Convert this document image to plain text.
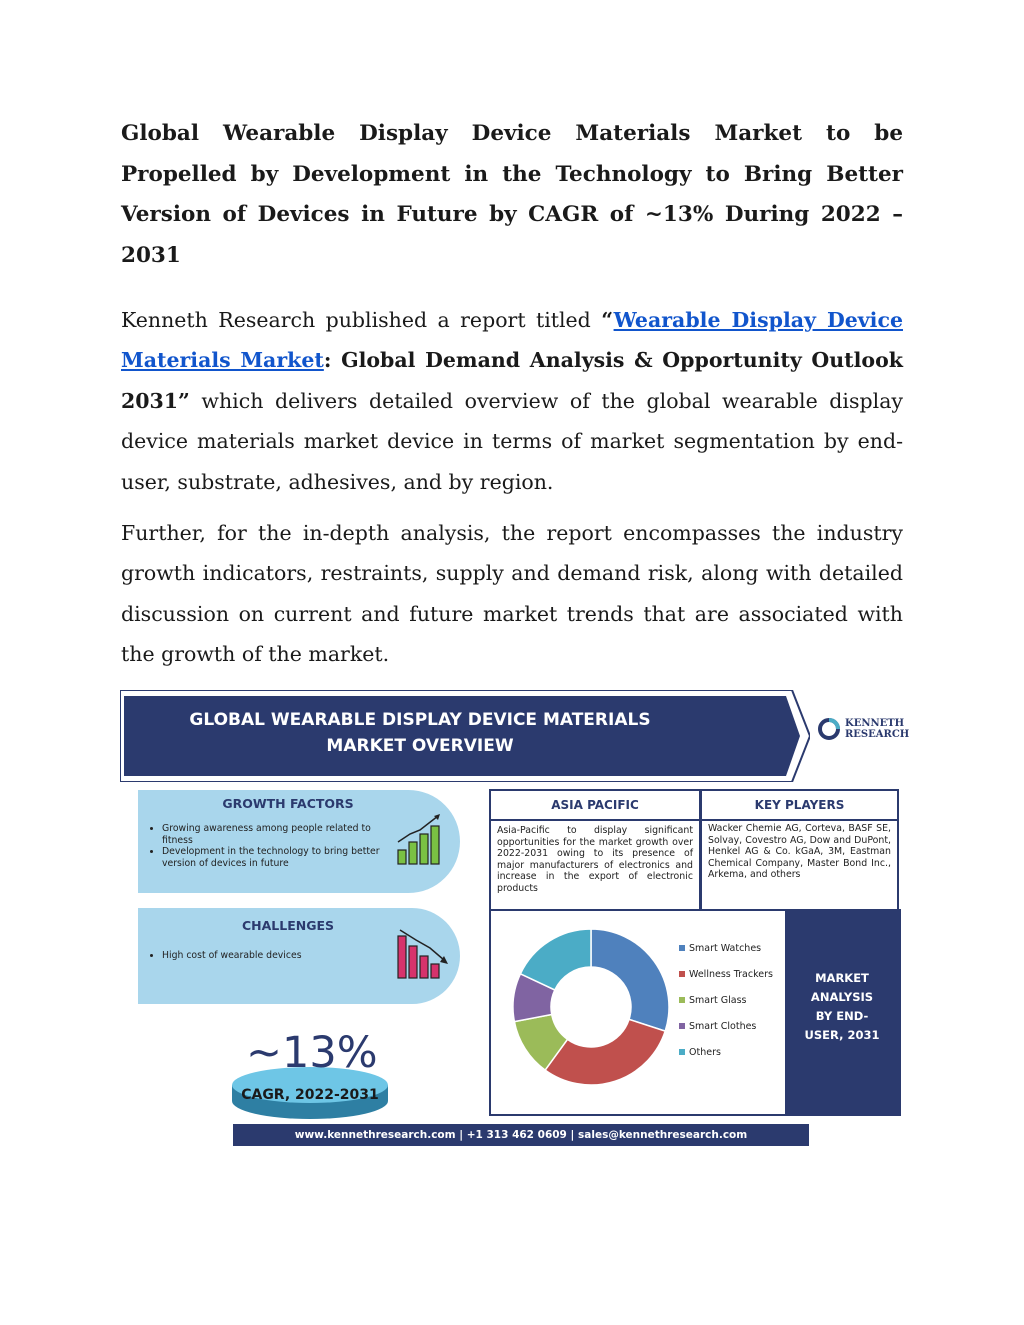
Global Wearable Display Device Materials Market to be Propelled by Development in the Technology to Bring Better Version of Devices in Future by CAGR of ~13% During 2022 – 2031

Kenneth Research published a report titled “Wearable Display Device Materials Market: Global Demand Analysis & Opportunity Outlook 2031” which delivers detailed overview of the global wearable display device materials market device in terms of market segmentation by end-user, substrate, adhesives, and by region.

Further, for the in-depth analysis, the report encompasses the industry growth indicators, restraints, supply and demand risk, along with detailed discussion on current and future market trends that are associated with the growth of the market.

GLOBAL WEARABLE DISPLAY DEVICE MATERIALS
MARKET OVERVIEW
KENNETH
RESEARCH
GROWTH FACTORS
• Growing awareness among people related to fitness
• Development in the technology to bring better version of devices in future
CHALLENGES
• High cost of wearable devices
~13%
CAGR, 2022-2031
ASIA PACIFIC
Asia-Pacific to display significant opportunities for the market growth over 2022-2031 owing to its presence of major manufacturers of electronics and increase in the export of electronic products
KEY PLAYERS
Wacker Chemie AG, Corteva, BASF SE, Solvay, Covestro AG, Dow and DuPont, Henkel AG & Co. kGaA, 3M, Eastman Chemical Company, Master Bond Inc., Arkema, and others
Smart Watches
Wellness Trackers
Smart Glass
Smart Clothes
Others
MARKET
ANALYSIS
BY END-
USER, 2031
www.kennethresearch.com | +1 313 462 0609 | sales@kennethresearch.com
